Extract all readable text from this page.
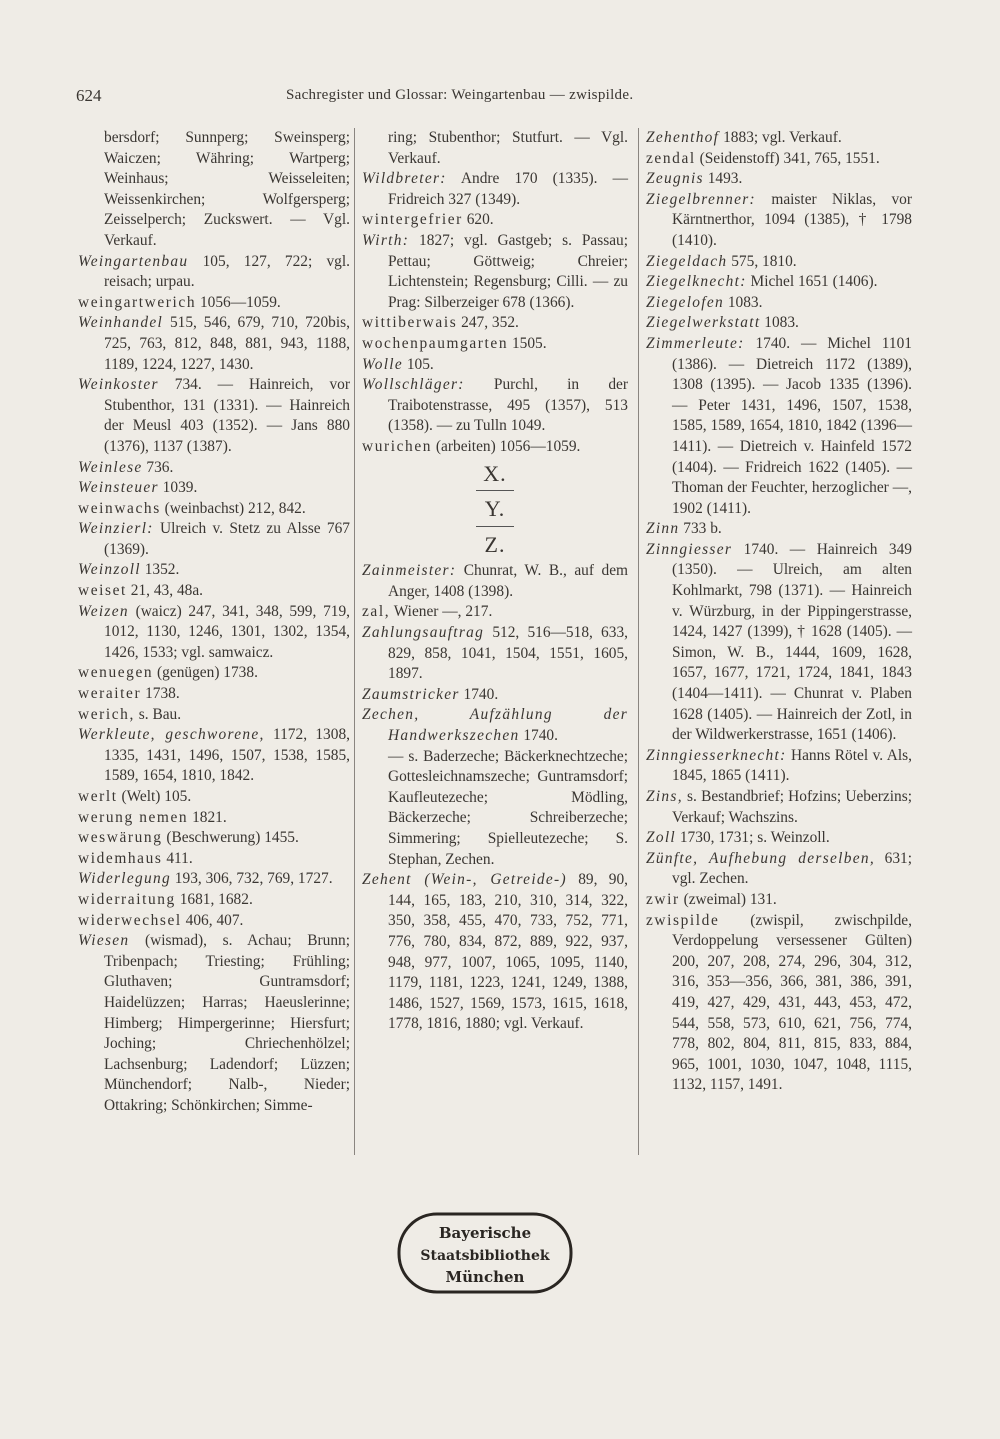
624	Sachregister und Glossar: Weingartenbau — zwispilde.
bersdorf; Sunnperg; Sweinsperg; Waiczen; Währing; Wartperg; Weinhaus; Weisseleiten; Weissenkirchen; Wolfgersperg; Zeisselperch; Zuckswert. — Vgl. Verkauf.
Weingartenbau 105, 127, 722; vgl. reisach; urpau.
weingartwerich 1056—1059.
Weinhandel 515, 546, 679, 710, 720bis, 725, 763, 812, 848, 881, 943, 1188, 1189, 1224, 1227, 1430.
Weinkoster 734. — Hainreich, vor Stubenthor, 131 (1331). — Hainreich der Meusl 403 (1352). — Jans 880 (1376), 1137 (1387).
Weinlese 736.
Weinsteuer 1039.
weinwachs (weinbachst) 212, 842.
Weinzierl: Ulreich v. Stetz zu Alsse 767 (1369).
Weinzoll 1352.
weiset 21, 43, 48a.
Weizen (waicz) 247, 341, 348, 599, 719, 1012, 1130, 1246, 1301, 1302, 1354, 1426, 1533; vgl. samwaicz.
wenuegen (genügen) 1738.
weraiter 1738.
werich, s. Bau.
Werkleute, geschworene, 1172, 1308, 1335, 1431, 1496, 1507, 1538, 1585, 1589, 1654, 1810, 1842.
werlt (Welt) 105.
werung nemen 1821.
weswärung (Beschwerung) 1455.
widemhaus 411.
Widerlegung 193, 306, 732, 769, 1727.
widerraitung 1681, 1682.
widerwechsel 406, 407.
Wiesen (wismad), s. Achau; Brunn; Tribenpach; Triesting; Frühling; Gluthaven; Guntramsdorf; Haidelüzzen; Harras; Haeuslerinne; Himberg; Himpergerinne; Hiersfurt; Joching; Chriechenhölzel; Lachsenburg; Ladendorf; Lüzzen; Münchendorf; Nalb-, Nieder; Ottakring; Schönkirchen; Simme-
ring; Stubenthor; Stutfurt. — Vgl. Verkauf.
Wildbreter: Andre 170 (1335). — Fridreich 327 (1349).
wintergefrier 620.
Wirth: 1827; vgl. Gastgeb; s. Passau; Pettau; Göttweig; Chreier; Lichtenstein; Regensburg; Cilli. — zu Prag: Silberzeiger 678 (1366).
wittiberwais 247, 352.
wochenpaumgarten 1505.
Wolle 105.
Wollschläger: Purchl, in der Traibotenstrasse, 495 (1357), 513 (1358). — zu Tulln 1049.
wurichen (arbeiten) 1056—1059.
X.
Y.
Z.
Zainmeister: Chunrat, W. B., auf dem Anger, 1408 (1398).
zal, Wiener —, 217.
Zahlungsauftrag 512, 516—518, 633, 829, 858, 1041, 1504, 1551, 1605, 1897.
Zaumstricker 1740.
Zechen, Aufzählung der Handwerkszechen 1740.
— s. Baderzeche; Bäckerknechtzeche; Gottesleichnamszeche; Guntramsdorf; Kaufleutezeche; Mödling, Bäckerzeche; Schreiberzeche; Simmering; Spielleutezeche; S. Stephan, Zechen.
Zehent (Wein-, Getreide-) 89, 90, 144, 165, 183, 210, 310, 314, 322, 350, 358, 455, 470, 733, 752, 771, 776, 780, 834, 872, 889, 922, 937, 948, 977, 1007, 1065, 1095, 1140, 1179, 1181, 1223, 1241, 1249, 1388, 1486, 1527, 1569, 1573, 1615, 1618, 1778, 1816, 1880; vgl. Verkauf.
Zehenthof 1883; vgl. Verkauf.
zendal (Seidenstoff) 341, 765, 1551.
Zeugnis 1493.
Ziegelbrenner: maister Niklas, vor Kärntnerthor, 1094 (1385), † 1798 (1410).
Ziegeldach 575, 1810.
Ziegelknecht: Michel 1651 (1406).
Ziegelofen 1083.
Ziegelwerkstatt 1083.
Zimmerleute: 1740. — Michel 1101 (1386). — Dietreich 1172 (1389), 1308 (1395). — Jacob 1335 (1396). — Peter 1431, 1496, 1507, 1538, 1585, 1589, 1654, 1810, 1842 (1396—1411). — Dietreich v. Hainfeld 1572 (1404). — Fridreich 1622 (1405). — Thoman der Feuchter, herzoglicher —, 1902 (1411).
Zinn 733 b.
Zinngiesser 1740. — Hainreich 349 (1350). — Ulreich, am alten Kohlmarkt, 798 (1371). — Hainreich v. Würzburg, in der Pippingerstrasse, 1424, 1427 (1399), † 1628 (1405). — Simon, W. B., 1444, 1609, 1628, 1657, 1677, 1721, 1724, 1841, 1843 (1404—1411). — Chunrat v. Plaben 1628 (1405). — Hainreich der Zotl, in der Wildwerkerstrasse, 1651 (1406).
Zinngiesserknecht: Hanns Rötel v. Als, 1845, 1865 (1411).
Zins, s. Bestandbrief; Hofzins; Ueberzins; Verkauf; Wachszins.
Zoll 1730, 1731; s. Weinzoll.
Zünfte, Aufhebung derselben, 631; vgl. Zechen.
zwir (zweimal) 131.
zwispilde (zwispil, zwischpilde, Verdoppelung versessener Gülten) 200, 207, 208, 274, 296, 304, 312, 316, 353—356, 366, 381, 386, 391, 419, 427, 429, 431, 443, 453, 472, 544, 558, 573, 610, 621, 756, 774, 778, 802, 804, 811, 815, 833, 884, 965, 1001, 1030, 1047, 1048, 1115, 1132, 1157, 1491.
Bayerische
Staatsbibliothek
München
